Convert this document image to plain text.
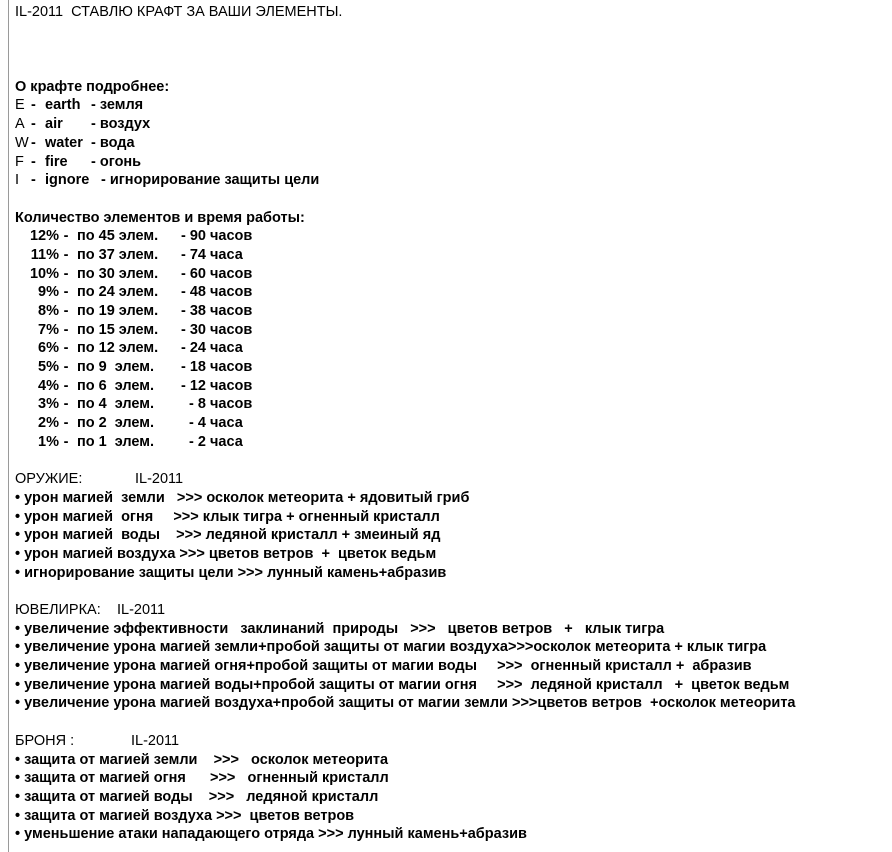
IL-2011  СТАВЛЮ КРАФТ ЗА ВАШИ ЭЛЕМЕНТЫ.
О крафте подробнее:
E - earth - земля
A - air - воздух
W - water - вода
F - fire - огонь
I - ignore - игнорирование защиты цели
Количество элементов и время работы:
12% - по 45 элем. - 90 часов
11% - по 37 элем. - 74 часа
10% - по 30 элем. - 60 часов
9% - по 24 элем. - 48 часов
8% - по 19 элем. - 38 часов
7% - по 15 элем. - 30 часов
6% - по 12 элем. - 24 часа
5% - по 9  элем. - 18 часов
4% - по 6  элем. - 12 часов
3% - по 4  элем.  - 8 часов
2% - по 2  элем.  - 4 часа
1% - по 1  элем.  - 2 часа
ОРУЖИЕ:	IL-2011
• урон магией  земли   >>> осколок метеорита + ядовитый гриб
• урон магией  огня     >>> клык тигра + огненный кристалл
• урон магией  воды    >>> ледяной кристалл + змеиный яд
• урон магией воздуха >>> цветов ветров  +  цветок ведьм
• игнорирование защиты цели >>> лунный камень+абразив
ЮВЕЛИРКА: IL-2011
• увеличение эффективности   заклинаний  природы   >>>   цветов ветров   +   клык тигра
• увеличение урона магией земли+пробой защиты от магии воздуха>>>осколок метеорита + клык тигра
• увеличение урона магией огня+пробой защиты от магии воды     >>>  огненный кристалл +  абразив
• увеличение урона магией воды+пробой защиты от магии огня     >>>  ледяной кристалл   +  цветок ведьм
• увеличение урона магией воздуха+пробой защиты от магии земли >>>цветов ветров  +осколок метеорита
БРОНЯ :	IL-2011
• защита от магией земли    >>>   осколок метеорита
• защита от магией огня      >>>   огненный кристалл
• защита от магией воды    >>>   ледяной кристалл
• защита от магией воздуха >>>  цветов ветров
• уменьшение атаки нападающего отряда >>> лунный камень+абразив
